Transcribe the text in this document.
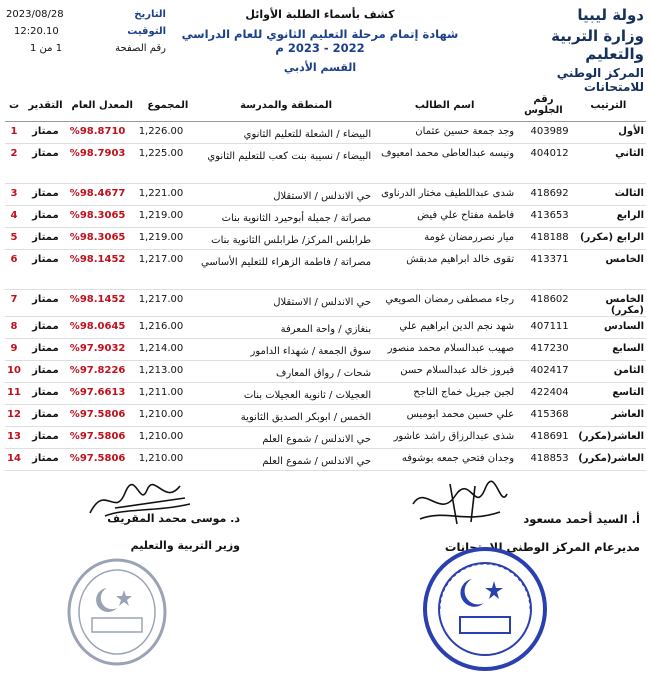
دولة ليبيا
وزارة التربية والتعليم
المركز الوطني للامتحانات
كشف بأسماء الطلبة الأوائل
شهادة إتمام مرحلة التعليم الثانوي للعام الدراسي 2022 - 2023 م
القسم الأدبي
2023/08/28	التاريخ
12:20.10	التوقيت
1 من 1	رقم الصفحة
الترتيب	رقم الجلوس	اسم الطالب	المنطقة والمدرسة	المجموع	المعدل العام	التقدير	ت
الأول	403989	وجد جمعة حسين عثمان	البيضاء / الشعلة للتعليم الثانوي	1,226.00	%98.8710	ممتاز	1
الثاني	404012	ونيسه عبدالعاطى محمد امعيوف	البيضاء / نسيبة بنت كعب للتعليم الثانوي	1,225.00	%98.7903	ممتاز	2
الثالث	418692	شدى عبداللطيف مختار الدرناوى	حي الاندلس / الاستقلال	1,221.00	%98.4677	ممتاز	3
الرابع	413653	فاطمة مفتاح علي فيض	مصراتة / جميلة أبوحيرد الثانوية بنات	1,219.00	%98.3065	ممتاز	4
الرابع (مكرر)	418188	ميار نصررمضان غومة	طرابلس المركز/ طرابلس الثانوية بنات	1,219.00	%98.3065	ممتاز	5
الخامس	413371	تقوى خالد ابراهيم مدبقش	مصراتة / فاطمة الزهراء للتعليم الأساسي	1,217.00	%98.1452	ممتاز	6
الخامس (مكرر)	418602	رجاء مصطفى رمضان الصويعي	حي الاندلس / الاستقلال	1,217.00	%98.1452	ممتاز	7
السادس	407111	شهد نجم الدين ابراهيم علي	بنغازي / واحة المعرفة	1,216.00	%98.0645	ممتاز	8
السابع	417230	صهيب عبدالسلام محمد منصور	سوق الجمعة / شهداء الدامور	1,214.00	%97.9032	ممتاز	9
الثامن	402417	فيروز خالد عبدالسلام حسن	شحات / رواق المعارف	1,213.00	%97.8226	ممتاز	10
التاسع	422404	لجين جبريل خماج الناجح	العجيلات / ثانوية العجيلات بنات	1,211.00	%97.6613	ممتاز	11
العاشر	415368	علي حسين محمد ابوميس	الخمس / ابوبكر الصديق الثانوية	1,210.00	%97.5806	ممتاز	12
العاشر(مكرر)	418691	شذى عبدالرزاق راشد عاشور	حي الاندلس / شموع العلم	1,210.00	%97.5806	ممتاز	13
العاشر(مكرر)	418853	وجدان فتحي جمعه بوشوفه	حي الاندلس / شموع العلم	1,210.00	%97.5806	ممتاز	14
د. موسى محمد المقريف
وزير التربية والتعليم
أ. السيد أحمد مسعود
مديرعام المركز الوطني للامتحانات
